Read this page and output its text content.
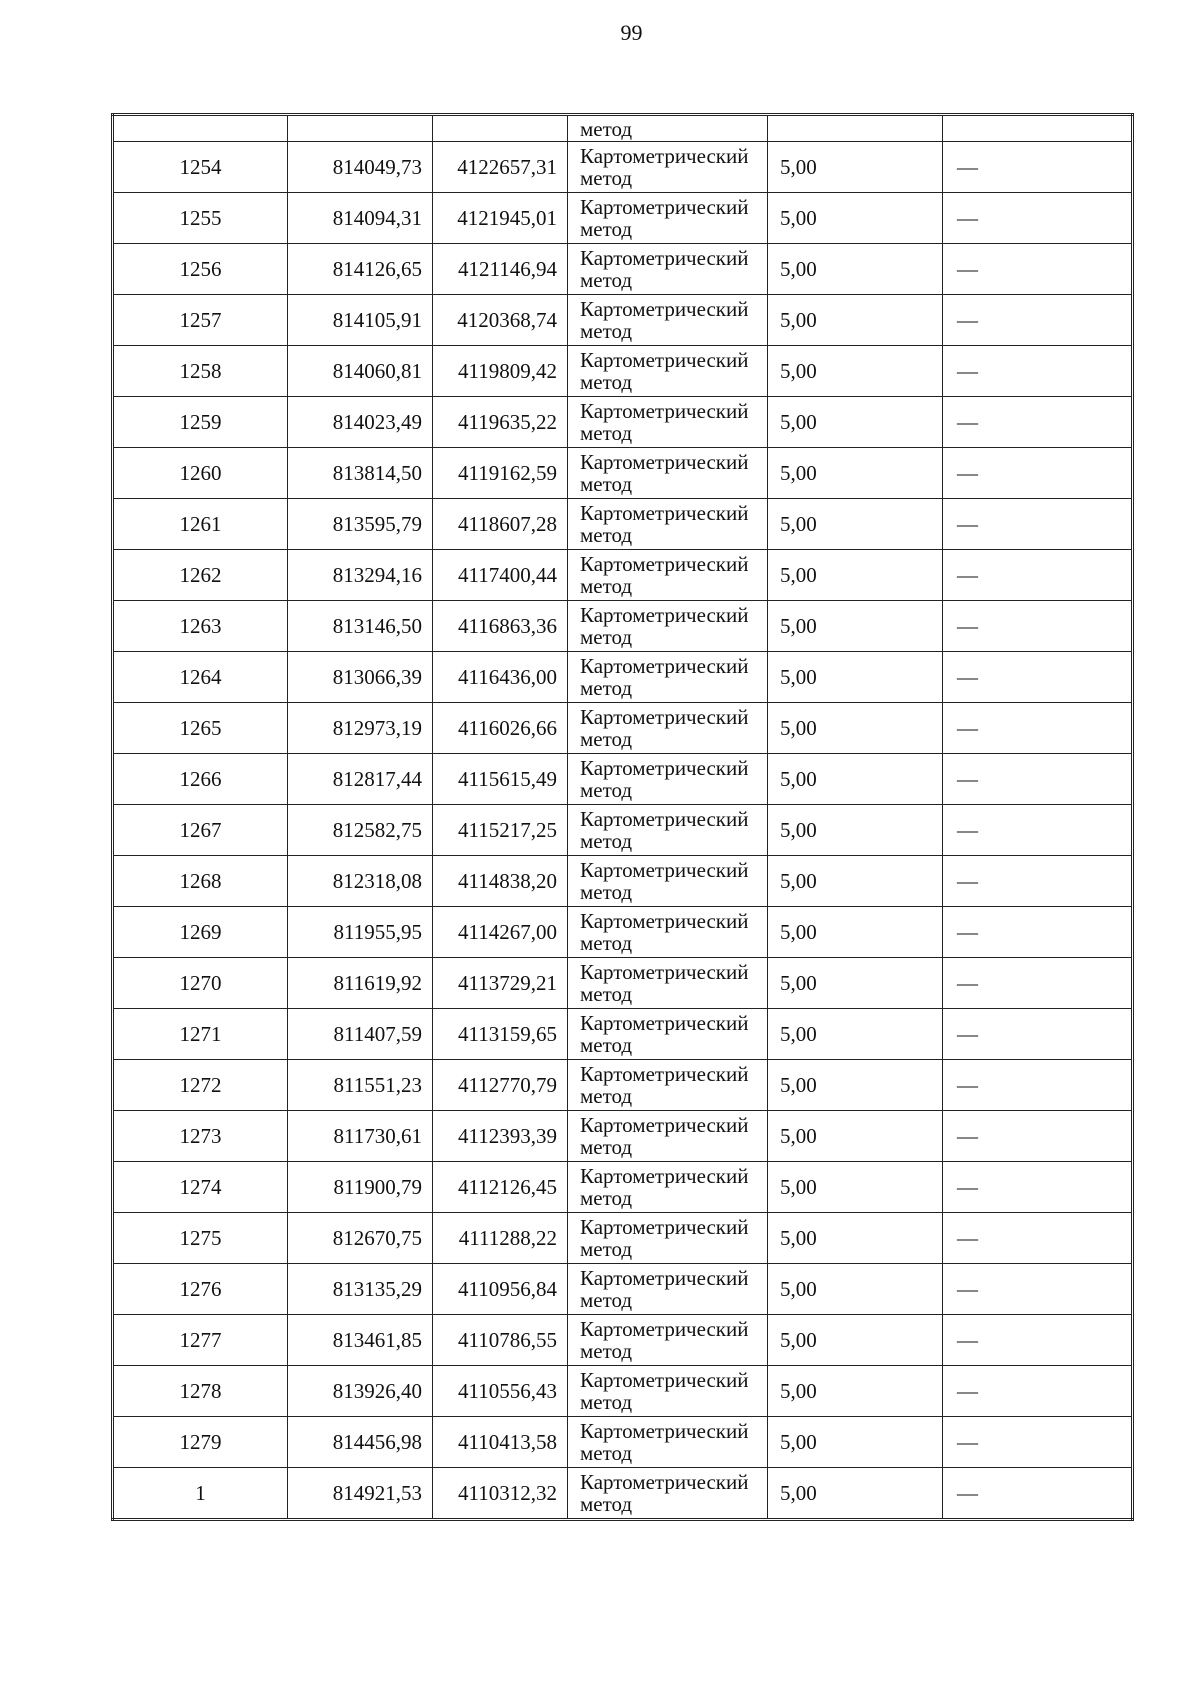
99
			метод		
1254	814049,73	4122657,31	Картометрический
метод	5,00	—
1255	814094,31	4121945,01	Картометрический
метод	5,00	—
1256	814126,65	4121146,94	Картометрический
метод	5,00	—
1257	814105,91	4120368,74	Картометрический
метод	5,00	—
1258	814060,81	4119809,42	Картометрический
метод	5,00	—
1259	814023,49	4119635,22	Картометрический
метод	5,00	—
1260	813814,50	4119162,59	Картометрический
метод	5,00	—
1261	813595,79	4118607,28	Картометрический
метод	5,00	—
1262	813294,16	4117400,44	Картометрический
метод	5,00	—
1263	813146,50	4116863,36	Картометрический
метод	5,00	—
1264	813066,39	4116436,00	Картометрический
метод	5,00	—
1265	812973,19	4116026,66	Картометрический
метод	5,00	—
1266	812817,44	4115615,49	Картометрический
метод	5,00	—
1267	812582,75	4115217,25	Картометрический
метод	5,00	—
1268	812318,08	4114838,20	Картометрический
метод	5,00	—
1269	811955,95	4114267,00	Картометрический
метод	5,00	—
1270	811619,92	4113729,21	Картометрический
метод	5,00	—
1271	811407,59	4113159,65	Картометрический
метод	5,00	—
1272	811551,23	4112770,79	Картометрический
метод	5,00	—
1273	811730,61	4112393,39	Картометрический
метод	5,00	—
1274	811900,79	4112126,45	Картометрический
метод	5,00	—
1275	812670,75	4111288,22	Картометрический
метод	5,00	—
1276	813135,29	4110956,84	Картометрический
метод	5,00	—
1277	813461,85	4110786,55	Картометрический
метод	5,00	—
1278	813926,40	4110556,43	Картометрический
метод	5,00	—
1279	814456,98	4110413,58	Картометрический
метод	5,00	—
1	814921,53	4110312,32	Картометрический
метод	5,00	—
